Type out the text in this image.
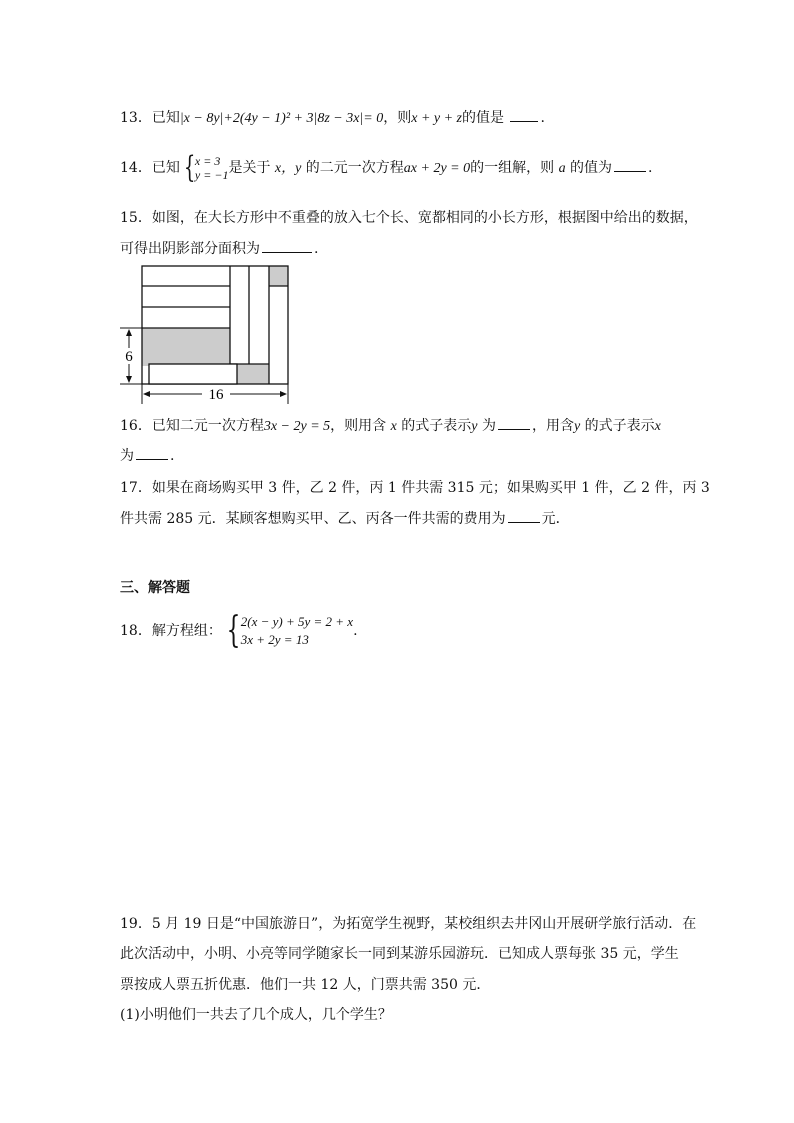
13．已知|x − 8y|+2(4y − 1)² + 3|8z − 3x|= 0，则x + y + z的值是	.
14．已知 {x = 3
y = −1是关于 x，y 的二元一次方程ax + 2y = 0的一组解，则 a 的值为	.
15．如图，在大长方形中不重叠的放入七个长、宽都相同的小长方形，根据图中给出的数据，
可得出阴影部分面积为	.
6
16
16．已知二元一次方程3x − 2y = 5，则用含 x 的式子表示y 为	，用含y 的式子表示x
为	.
17．如果在商场购买甲 3 件，乙 2 件，丙 1 件共需 315 元；如果购买甲 1 件，乙 2 件，丙 3
件共需 285 元．某顾客想购买甲、乙、丙各一件共需的费用为	元．
三、解答题
18．解方程组： {2(x − y) + 5y = 2 + x
3x + 2y = 13.
19．5 月 19 日是“中国旅游日”，为拓宽学生视野，某校组织去井冈山开展研学旅行活动．在
此次活动中，小明、小亮等同学随家长一同到某游乐园游玩．已知成人票每张 35 元，学生
票按成人票五折优惠．他们一共 12 人，门票共需 350 元．
(1)小明他们一共去了几个成人，几个学生？
